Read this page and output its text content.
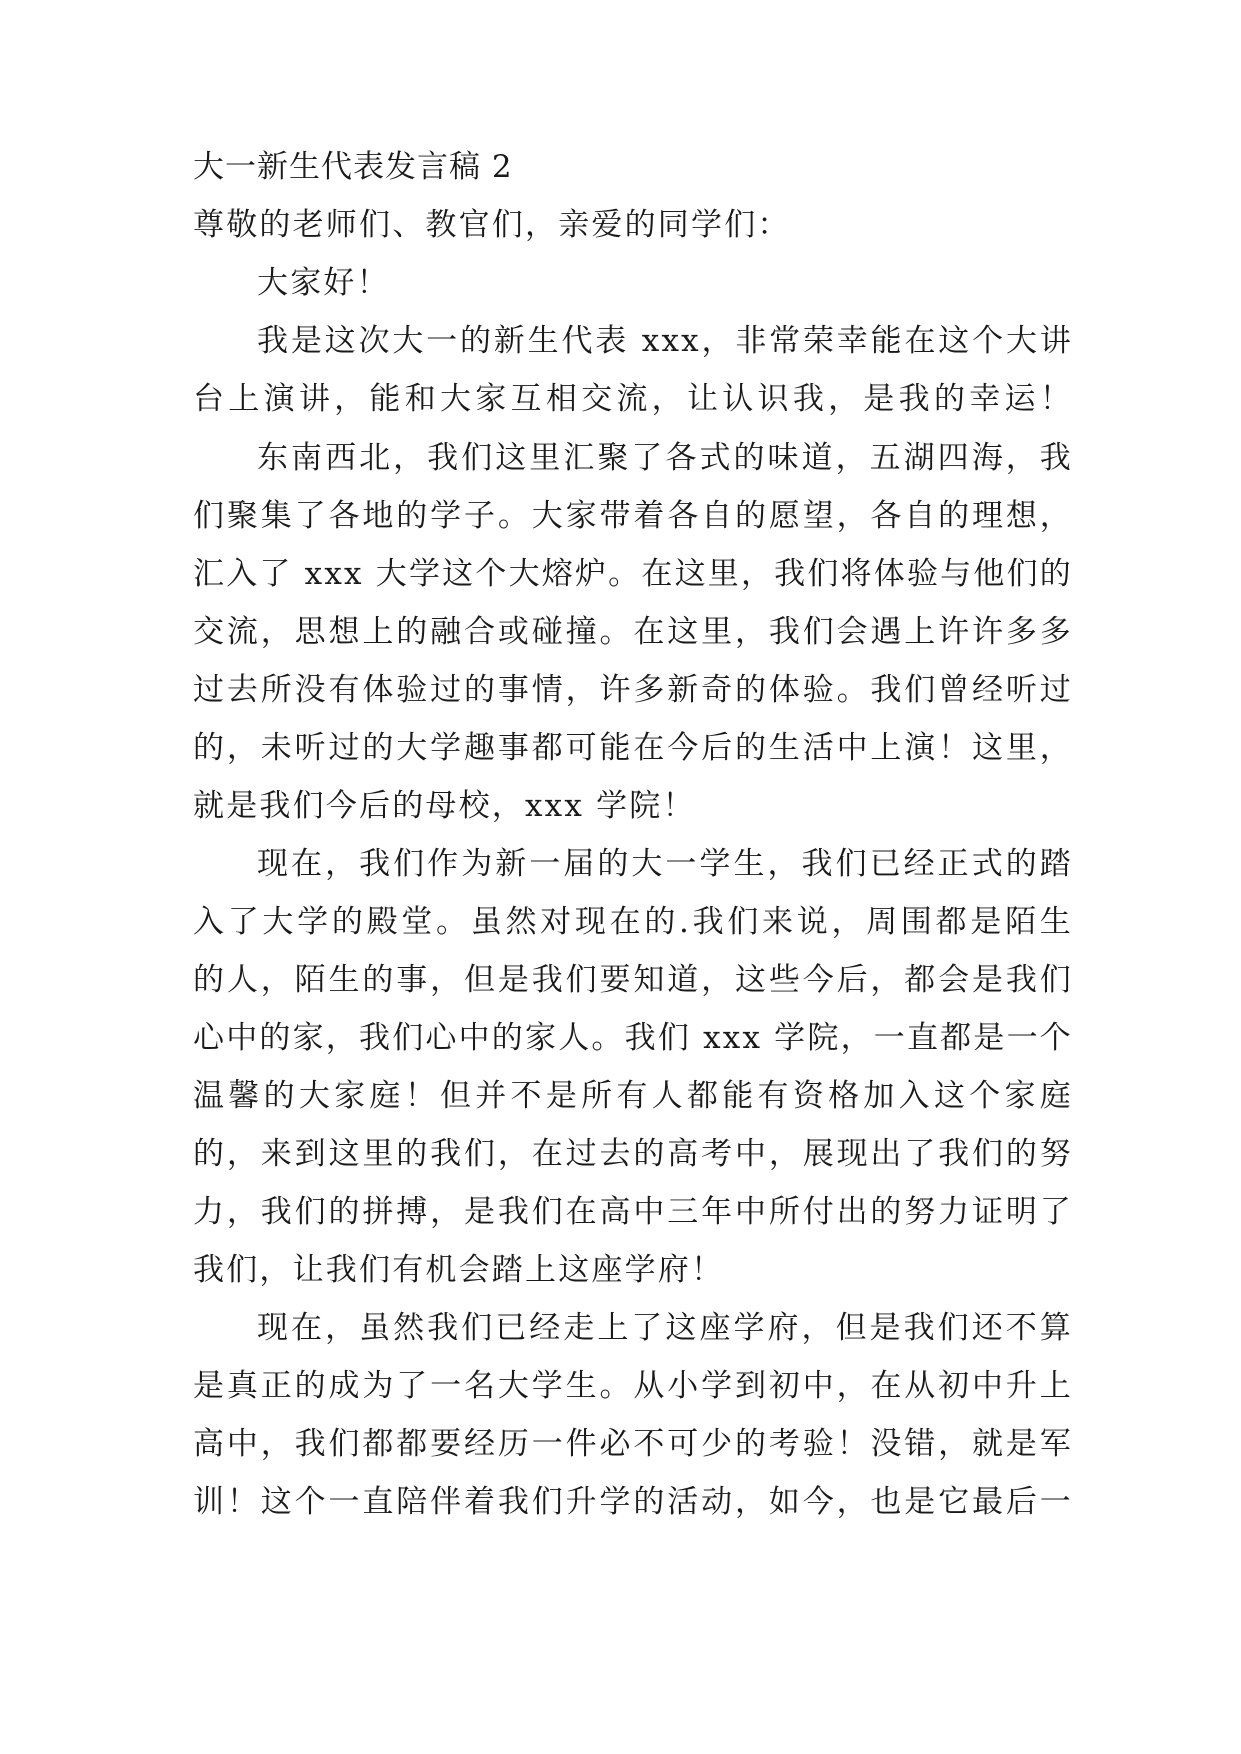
大一新生代表发言稿 2
尊敬的老师们、教官们，亲爱的同学们：
大家好！
我是这次大一的新生代表 xxx，非常荣幸能在这个大讲
台上演讲，能和大家互相交流，让认识我，是我的幸运！
东南西北，我们这里汇聚了各式的味道，五湖四海，我
们聚集了各地的学子。大家带着各自的愿望，各自的理想，
汇入了 xxx 大学这个大熔炉。在这里，我们将体验与他们的
交流，思想上的融合或碰撞。在这里，我们会遇上许许多多
过去所没有体验过的事情，许多新奇的体验。我们曾经听过
的，未听过的大学趣事都可能在今后的生活中上演！这里，
就是我们今后的母校，xxx 学院！
现在，我们作为新一届的大一学生，我们已经正式的踏
入了大学的殿堂。虽然对现在的.我们来说，周围都是陌生
的人，陌生的事，但是我们要知道，这些今后，都会是我们
心中的家，我们心中的家人。我们 xxx 学院，一直都是一个
温馨的大家庭！但并不是所有人都能有资格加入这个家庭
的，来到这里的我们，在过去的高考中，展现出了我们的努
力，我们的拼搏，是我们在高中三年中所付出的努力证明了
我们，让我们有机会踏上这座学府！
现在，虽然我们已经走上了这座学府，但是我们还不算
是真正的成为了一名大学生。从小学到初中，在从初中升上
高中，我们都都要经历一件必不可少的考验！没错，就是军
训！这个一直陪伴着我们升学的活动，如今，也是它最后一
